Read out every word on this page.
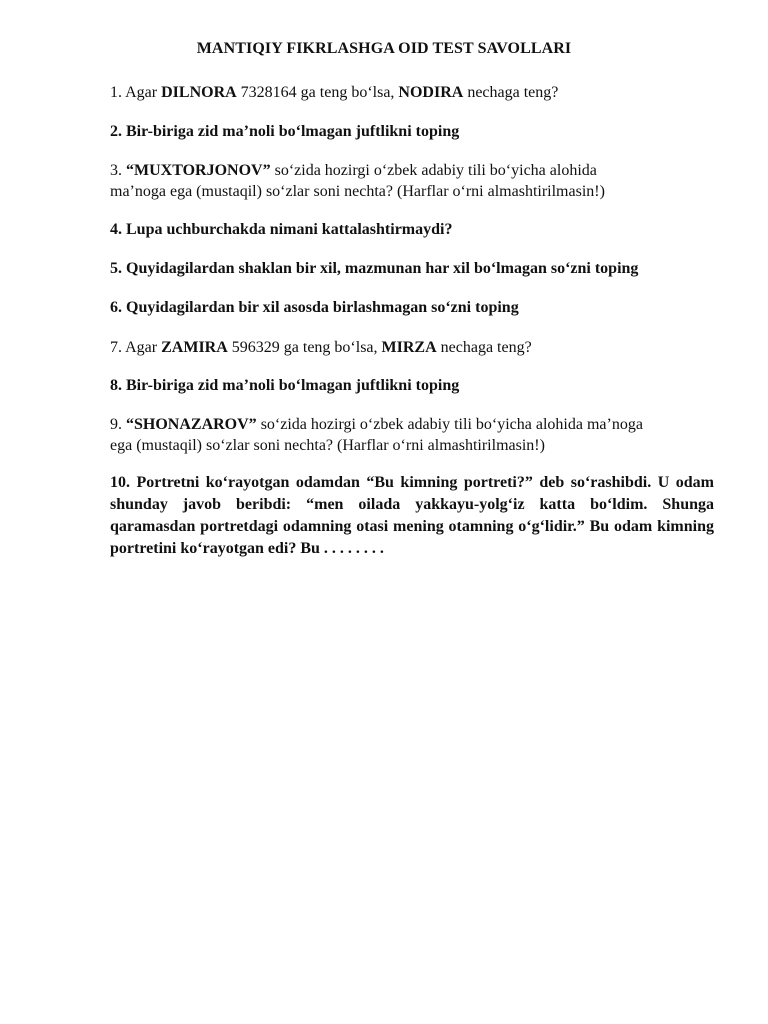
MANTIQIY FIKRLASHGA OID TEST SAVOLLARI
1. Agar DILNORA 7328164 ga teng bo‘lsa, NODIRA nechaga teng?
2. Bir-biriga zid ma’noli bo‘lmagan juftlikni toping
3. “MUXTORJONOV” so‘zida hozirgi o‘zbek adabiy tili bo‘yicha alohida
ma’noga ega (mustaqil) so‘zlar soni nechta? (Harflar o‘rni almashtirilmasin!)
4. Lupa uchburchakda nimani kattalashtirmaydi?
5. Quyidagilardan shaklan bir xil, mazmunan har xil bo‘lmagan so‘zni toping
6. Quyidagilardan bir xil asosda birlashmagan so‘zni toping
7. Agar ZAMIRA 596329 ga teng bo‘lsa, MIRZA nechaga teng?
8. Bir-biriga zid ma’noli bo‘lmagan juftlikni toping
9. “SHONAZAROV” so‘zida hozirgi o‘zbek adabiy tili bo‘yicha alohida ma’noga
ega (mustaqil) so‘zlar soni nechta? (Harflar o‘rni almashtirilmasin!)
10. Portretni ko‘rayotgan odamdan “Bu kimning portreti?” deb so‘rashibdi. U odam shunday javob beribdi: “men oilada yakkayu-yolg‘iz katta bo‘ldim. Shunga qaramasdan portretdagi odamning otasi mening otamning o‘g‘lidir.” Bu odam kimning portretini ko‘rayotgan edi? Bu . . . . . . . .
